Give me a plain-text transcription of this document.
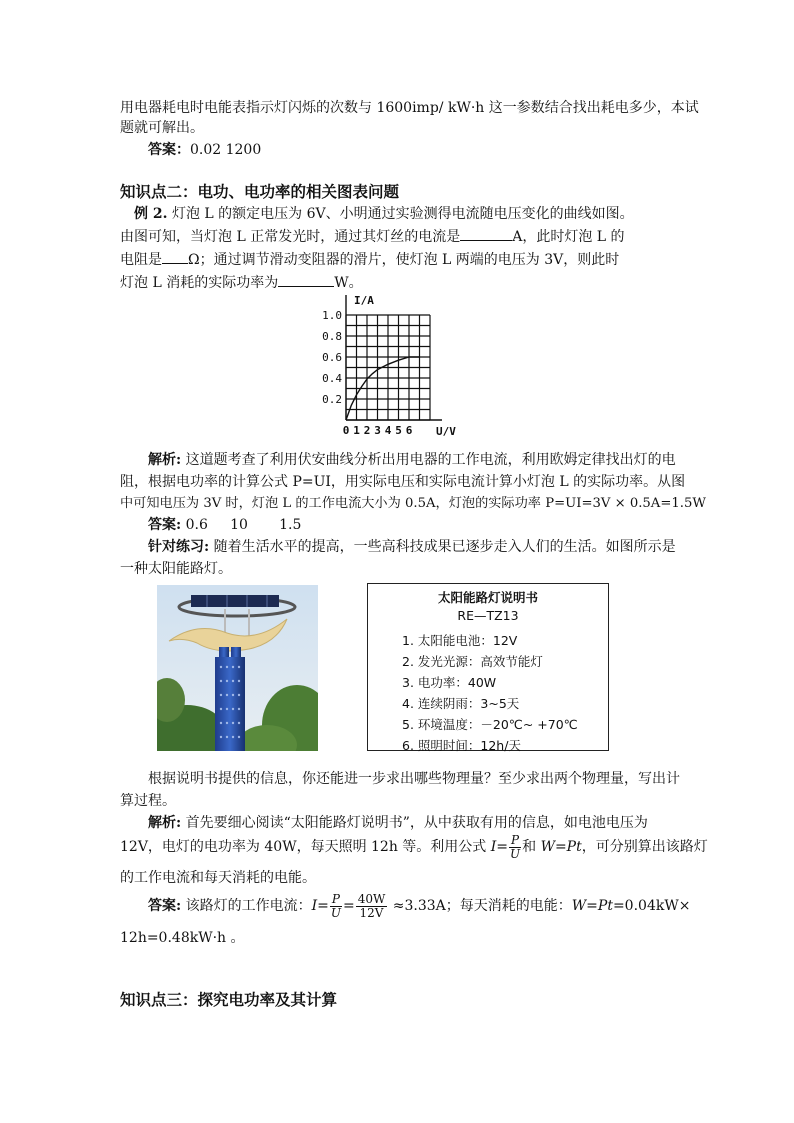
用电器耗电时电能表指示灯闪烁的次数与 1600imp/ kW·h 这一参数结合找出耗电多少，本试
题就可解出。
答案：0.02 1200
知识点二：电功、电功率的相关图表问题
例 2. 灯泡 L 的额定电压为 6V、小明通过实验测得电流随电压变化的曲线如图。
由图可知，当灯泡 L 正常发光时，通过其灯丝的电流是	A，此时灯泡 L 的
电阻是 Ω；通过调节滑动变阻器的滑片，使灯泡 L 两端的电压为 3V，则此时
灯泡 L 消耗的实际功率为	W。
1.0
0.8
0.6
0.4
0.2
0 1 2 3 4 5 6
I/A
U/V
解析: 这道题考查了利用伏安曲线分析出用电器的工作电流，利用欧姆定律找出灯的电
阻，根据电功率的计算公式 P=UI，用实际电压和实际电流计算小灯泡 L 的实际功率。从图
中可知电压为 3V 时，灯泡 L 的工作电流大小为 0.5A，灯泡的实际功率 P=UI=3V × 0.5A=1.5W
答案: 0.6     10       1.5
针对练习: 随着生活水平的提高，一些高科技成果已逐步走入人们的生活。如图所示是
一种太阳能路灯。
太阳能路灯说明书
RE—TZ13
1. 太阳能电池：12V
2. 发光光源：高效节能灯
3. 电功率：40W
4. 连续阴雨：3~5天
5. 环境温度：－20℃~ +70℃
6. 照明时间：12h/天
根据说明书提供的信息，你还能进一步求出哪些物理量？至少求出两个物理量，写出计
算过程。
解析: 首先要细心阅读“太阳能路灯说明书”，从中获取有用的信息，如电池电压为
12V，电灯的电功率为 40W，每天照明 12h 等。利用公式 $I= \frac{P}{U}$ 和 W=Pt，可分别算出该路灯
的工作电流和每天消耗的电能。
答案: 该路灯的工作电流：$I= \frac{P}{U} = \frac{40W}{12V} \approx 3.33A$；每天消耗的电能：W=Pt=0.04kW×
12h=0.48kW·h 。
知识点三：探究电功率及其计算
